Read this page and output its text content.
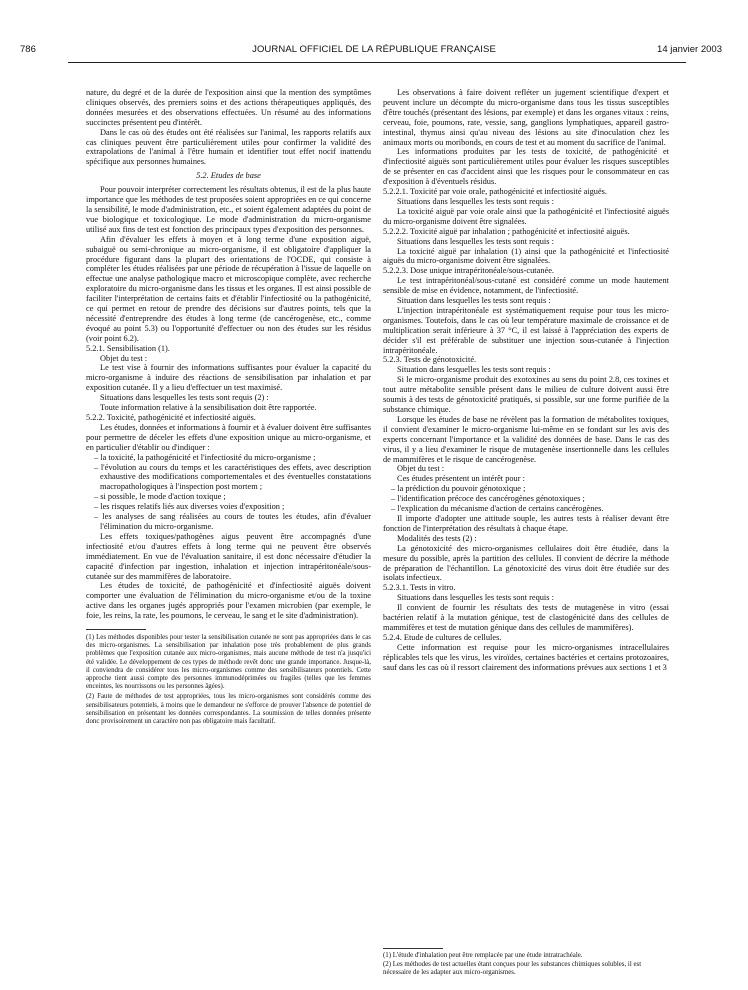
786	JOURNAL OFFICIEL DE LA RÉPUBLIQUE FRANÇAISE	14 janvier 2003

nature, du degré et de la durée de l'exposition ainsi que la mention des symptômes cliniques observés, des premiers soins et des actions thérapeutiques appliqués, des données mesurées et des observations effectuées. Un résumé au des informations succinctes présentent peu d'intérêt.

Dans le cas où des études ont été réalisées sur l'animal, les rapports relatifs aux cas cliniques peuvent être particulièrement utiles pour confirmer la validité des extrapolations de l'animal à l'être humain et identifier tout effet nocif inattendu spécifique aux personnes humaines.

5.2. Etudes de base

Pour pouvoir interpréter correctement les résultats obtenus, il est de la plus haute importance que les méthodes de test proposées soient appropriées en ce qui concerne la sensibilité, le mode d'administration, etc., et soient également adaptées du point de vue biologique et toxicologique. Le mode d'administration du micro-organisme utilisé aux fins de test est fonction des principaux types d'exposition des personnes.

Afin d'évaluer les effets à moyen et à long terme d'une exposition aiguë, subaiguë ou semi-chronique au micro-organisme, il est obligatoire d'appliquer la procédure figurant dans la plupart des orientations de l'OCDE, qui consiste à compléter les études réalisées par une période de récupération à l'issue de laquelle on effectue une analyse pathologique macro et microscopique complète, avec recherche exploratoire du micro-organisme dans les tissus et les organes. Il est ainsi possible de faciliter l'interprétation de certains faits et d'établir l'infectiosité ou la pathogénicité, ce qui permet en retour de prendre des décisions sur d'autres points, tels que la nécessité d'entreprendre des études à long terme (de cancérogenèse, etc., comme évoqué au point 5.3) ou l'opportunité d'effectuer ou non des études sur les résidus (voir point 6.2).

5.2.1. Sensibilisation (1).

Objet du test :

Le test vise à fournir des informations suffisantes pour évaluer la capacité du micro-organisme à induire des réactions de sensibilisation par inhalation et par exposition cutanée. Il y a lieu d'effectuer un test maximisé.

Situations dans lesquelles les tests sont requis (2) :

Toute information relative à la sensibilisation doit être rapportée.

5.2.2. Toxicité, pathogénicité et infectiosité aiguës.

Les études, données et informations à fournir et à évaluer doivent être suffisantes pour permettre de déceler les effets d'une exposition unique au micro-organisme, et en particulier d'établir ou d'indiquer :

– la toxicité, la pathogénicité et l'infectiosité du micro-organisme ;

– l'évolution au cours du temps et les caractéristiques des effets, avec description exhaustive des modifications comportementales et des éventuelles constatations macropathologiques à l'inspection post mortem ;

– si possible, le mode d'action toxique ;

– les risques relatifs liés aux diverses voies d'exposition ;

– les analyses de sang réalisées au cours de toutes les études, afin d'évaluer l'élimination du micro-organisme.

Les effets toxiques/pathogènes aigus peuvent être accompagnés d'une infectiosité et/ou d'autres effets à long terme qui ne peuvent être observés immédiatement. En vue de l'évaluation sanitaire, il est donc nécessaire d'étudier la capacité d'infection par ingestion, inhalation et injection intrapéritonéale/sous-cutanée sur des mammifères de laboratoire.

Les études de toxicité, de pathogénicité et d'infectiosité aiguës doivent comporter une évaluation de l'élimination du micro-organisme et/ou de la toxine active dans les organes jugés appropriés pour l'examen microbien (par exemple, le foie, les reins, la rate, les poumons, le cerveau, le sang et le site d'administration).

(1) Les méthodes disponibles pour tester la sensibilisation cutanée ne sont pas appropriées dans le cas des micro-organismes. La sensibilisation par inhalation pose très probablement de plus grands problèmes que l'exposition cutanée aux micro-organismes, mais aucune méthode de test n'a jusqu'ici été validée. Le développement de ces types de méthode revêt donc une grande importance. Jusque-là, il conviendra de considérer tous les micro-organismes comme des sensibilisateurs potentiels. Cette approche tient aussi compte des personnes immunodéprimées ou fragiles (telles que les femmes enceintes, les nourrissons ou les personnes âgées).

(2) Faute de méthodes de test appropriées, tous les micro-organismes sont considérés comme des sensibilisateurs potentiels, à moins que le demandeur ne s'efforce de prouver l'absence de potentiel de sensibilisation en présentant les données correspondantes. La soumission de telles données présente donc provisoirement un caractère non pas obligatoire mais facultatif.

Les observations à faire doivent refléter un jugement scientifique d'expert et peuvent inclure un décompte du micro-organisme dans tous les tissus susceptibles d'être touchés (présentant des lésions, par exemple) et dans les organes vitaux : reins, cerveau, foie, poumons, rate, vessie, sang, ganglions lymphatiques, appareil gastro-intestinal, thymus ainsi qu'au niveau des lésions au site d'inoculation chez les animaux morts ou moribonds, en cours de test et au moment du sacrifice de l'animal.

Les informations produites par les tests de toxicité, de pathogénicité et d'infectiosité aiguës sont particulièrement utiles pour évaluer les risques susceptibles de se présenter en cas d'accident ainsi que les risques pour le consommateur en cas d'exposition à d'éventuels résidus.

5.2.2.1. Toxicité par voie orale, pathogénicité et infectiosité aiguës.

Situations dans lesquelles les tests sont requis :

La toxicité aiguë par voie orale ainsi que la pathogénicité et l'infectiosité aiguës du micro-organisme doivent être signalées.

5.2.2.2. Toxicité aiguë par inhalation ; pathogénicité et infectiosité aiguës.

Situations dans lesquelles les tests sont requis :

La toxicité aiguë par inhalation (1) ainsi que la pathogénicité et l'infectiosité aiguës du micro-organisme doivent être signalées.

5.2.2.3. Dose unique intrapéritonéale/sous-cutanée.

Le test intrapéritonéal/sous-cutané est considéré comme un mode hautement sensible de mise en évidence, notamment, de l'infectiosité.

Situation dans lesquelles les tests sont requis :

L'injection intrapéritonéale est systématiquement requise pour tous les micro-organismes. Toutefois, dans le cas où leur température maximale de croissance et de multiplication serait inférieure à 37 °C, il est laissé à l'appréciation des experts de décider s'il est préférable de substituer une injection sous-cutanée à l'injection intrapéritonéale.

5.2.3. Tests de génotoxicité.

Situation dans lesquelles les tests sont requis :

Si le micro-organisme produit des exotoxines au sens du point 2.8, ces toxines et tout autre métabolite sensible présent dans le milieu de culture doivent aussi être soumis à des tests de génotoxicité pratiqués, si possible, sur une forme purifiée de la substance chimique.

Lorsque les études de base ne révèlent pas la formation de métabolites toxiques, il convient d'examiner le micro-organisme lui-même en se fondant sur les avis des experts concernant l'importance et la validité des données de base. Dans le cas des virus, il y a lieu d'examiner le risque de mutagenèse insertionnelle dans les cellules de mammifères et le risque de cancérogenèse.

Objet du test :

Ces études présentent un intérêt pour :

– la prédiction du pouvoir génotoxique ;

– l'identification précoce des cancérogènes génotoxiques ;

– l'explication du mécanisme d'action de certains cancérogènes.

Il importe d'adopter une attitude souple, les autres tests à réaliser devant être fonction de l'interprétation des résultats à chaque étape.

Modalités des tests (2) :

La génotoxicité des micro-organismes cellulaires doit être étudiée, dans la mesure du possible, après la partition des cellules. Il convient de décrire la méthode de préparation de l'échantillon. La génotoxicité des virus doit être étudiée sur des isolats infectieux.

5.2.3.1. Tests in vitro.

Situations dans lesquelles les tests sont requis :

Il convient de fournir les résultats des tests de mutagenèse in vitro (essai bactérien relatif à la mutation génique, test de clastogénicité dans des cellules de mammifères et test de mutation génique dans des cellules de mammifères).

5.2.4. Etude de cultures de cellules.

Cette information est requise pour les micro-organismes intracellulaires réplicables tels que les virus, les viroïdes, certaines bactéries et certains protozoaires, sauf dans les cas où il ressort clairement des informations prévues aux sections 1 et 3

(1) L'étude d'inhalation peut être remplacée par une étude intratrachéale.

(2) Les méthodes de test actuelles étant conçues pour les substances chimiques solubles, il est nécessaire de les adapter aux micro-organismes.
